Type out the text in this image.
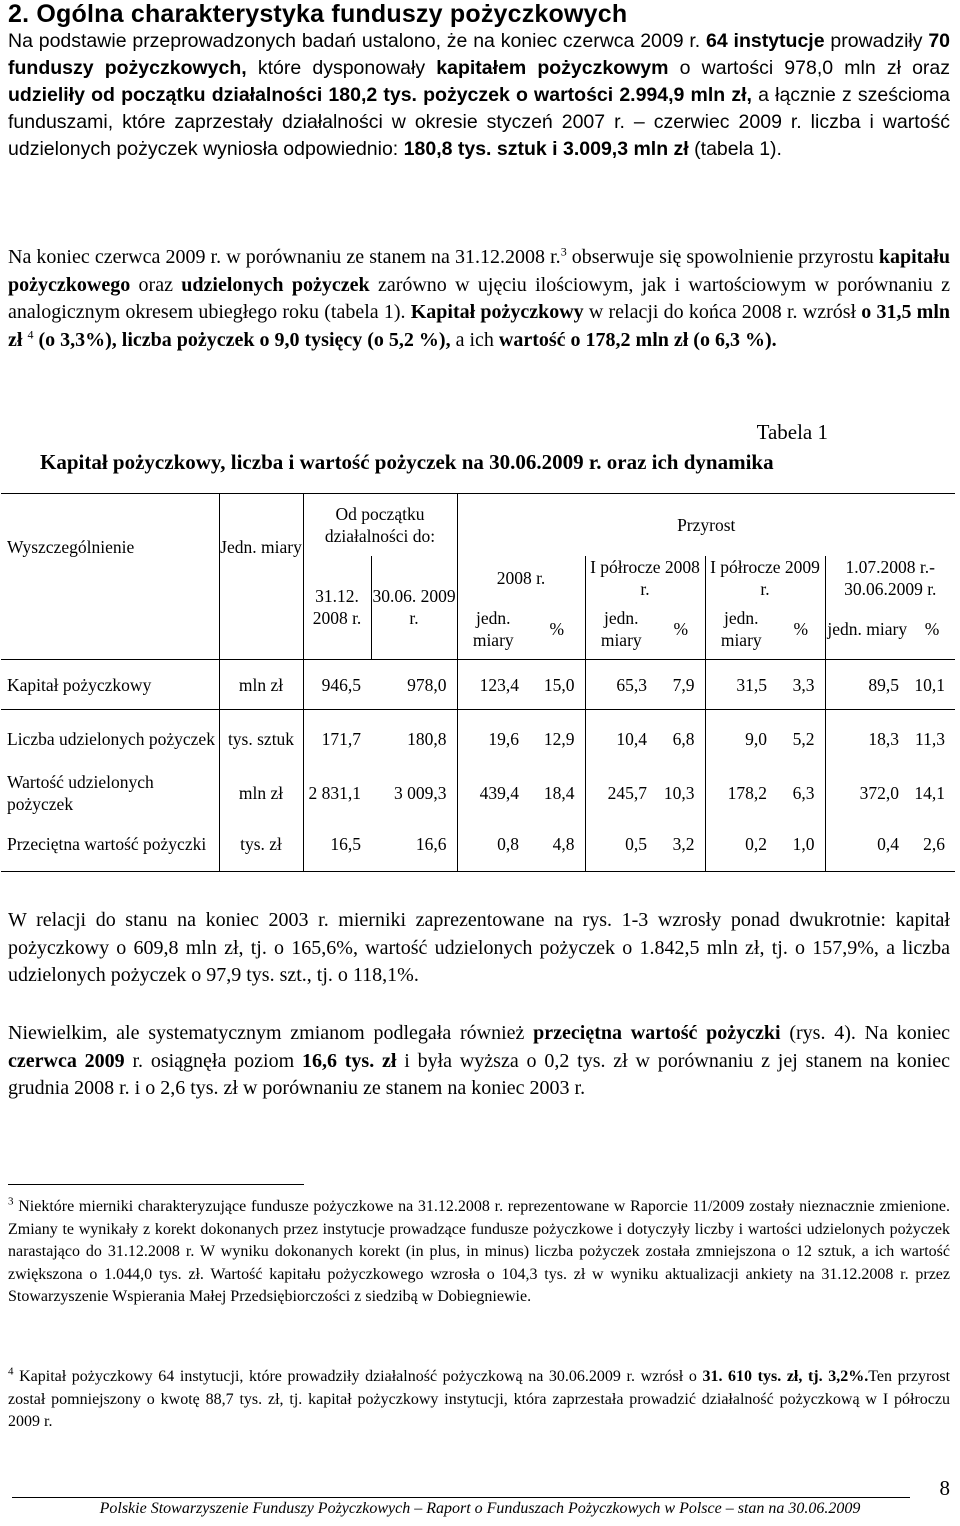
2. Ogólna charakterystyka funduszy pożyczkowych
Na podstawie przeprowadzonych badań ustalono, że na koniec czerwca 2009 r. 64 instytucje prowadziły 70 funduszy pożyczkowych, które dysponowały kapitałem pożyczkowym o wartości 978,0 mln zł oraz udzieliły od początku działalności 180,2 tys. pożyczek o wartości 2.994,9 mln zł, a łącznie z sześcioma funduszami, które zaprzestały działalności w okresie styczeń 2007 r. – czerwiec 2009 r. liczba i wartość udzielonych pożyczek wyniosła odpowiednio: 180,8 tys. sztuk i 3.009,3 mln zł (tabela 1).
Na koniec czerwca 2009 r. w porównaniu ze stanem na 31.12.2008 r.$^3$ obserwuje się spowolnienie przyrostu kapitału pożyczkowego oraz udzielonych pożyczek zarówno w ujęciu ilościowym, jak i wartościowym w porównaniu z analogicznym okresem ubiegłego roku (tabela 1). Kapitał pożyczkowy w relacji do końca 2008 r. wzrósł o 31,5 mln zł $^4$ (o 3,3%), liczba pożyczek o 9,0 tysięcy (o 5,2 %), a ich wartość o 178,2 mln zł (o 6,3 %).
Tabela 1
Kapitał pożyczkowy, liczba i wartość pożyczek na 30.06.2009 r. oraz ich dynamika
Wyszczególnienie	Jedn. miary	Od początku działalności do:		Przyrost							
		31.12. 2008 r.	30.06. 2009 r.	2008 r.		I półrocze 2008 r.		I półrocze 2009 r.		1.07.2008 r.- 30.06.2009 r.	
				jedn. miary	%	jedn. miary	%	jedn. miary	%	jedn. miary	%
Kapitał pożyczkowy	mln zł	946,5	978,0	123,4	15,0	65,3	7,9	31,5	3,3	89,5	10,1
Liczba udzielonych pożyczek	tys. sztuk	171,7	180,8	19,6	12,9	10,4	6,8	9,0	5,2	18,3	11,3
Wartość udzielonych pożyczek	mln zł	2 831,1	3 009,3	439,4	18,4	245,7	10,3	178,2	6,3	372,0	14,1
Przeciętna wartość pożyczki	tys. zł	16,5	16,6	0,8	4,8	0,5	3,2	0,2	1,0	0,4	2,6
W relacji do stanu na koniec 2003 r. mierniki zaprezentowane na rys. 1-3 wzrosły ponad dwukrotnie: kapitał pożyczkowy o 609,8 mln zł, tj. o 165,6%, wartość udzielonych pożyczek o 1.842,5 mln zł, tj. o 157,9%, a liczba udzielonych pożyczek o 97,9 tys. szt., tj. o 118,1%.
Niewielkim, ale systematycznym zmianom podlegała również przeciętna wartość pożyczki (rys. 4). Na koniec czerwca 2009 r. osiągnęła poziom 16,6 tys. zł i była wyższa o 0,2 tys. zł w porównaniu z jej stanem na koniec grudnia 2008 r. i o 2,6 tys. zł w porównaniu ze stanem na koniec 2003 r.
$^3$ Niektóre mierniki charakteryzujące fundusze pożyczkowe na 31.12.2008 r. reprezentowane w Raporcie 11/2009 zostały nieznacznie zmienione. Zmiany te wynikały z korekt dokonanych przez instytucje prowadzące fundusze pożyczkowe i dotyczyły liczby i wartości udzielonych pożyczek narastająco do 31.12.2008 r. W wyniku dokonanych korekt (in plus, in minus) liczba pożyczek została zmniejszona o 12 sztuk, a ich wartość zwiększona o 1.044,0 tys. zł. Wartość kapitału pożyczkowego wzrosła o 104,3 tys. zł w wyniku aktualizacji ankiety na 31.12.2008 r. przez Stowarzyszenie Wspierania Małej Przedsiębiorczości z siedzibą w Dobiegniewie.
$^4$ Kapitał pożyczkowy 64 instytucji, które prowadziły działalność pożyczkową na 30.06.2009 r. wzrósł o 31. 610 tys. zł, tj. 3,2%.Ten przyrost został pomniejszony o kwotę 88,7 tys. zł, tj. kapitał pożyczkowy instytucji, która zaprzestała prowadzić działalność pożyczkową w I półroczu 2009 r.
8
Polskie Stowarzyszenie Funduszy Pożyczkowych – Raport o Funduszach Pożyczkowych w Polsce – stan na 30.06.2009
